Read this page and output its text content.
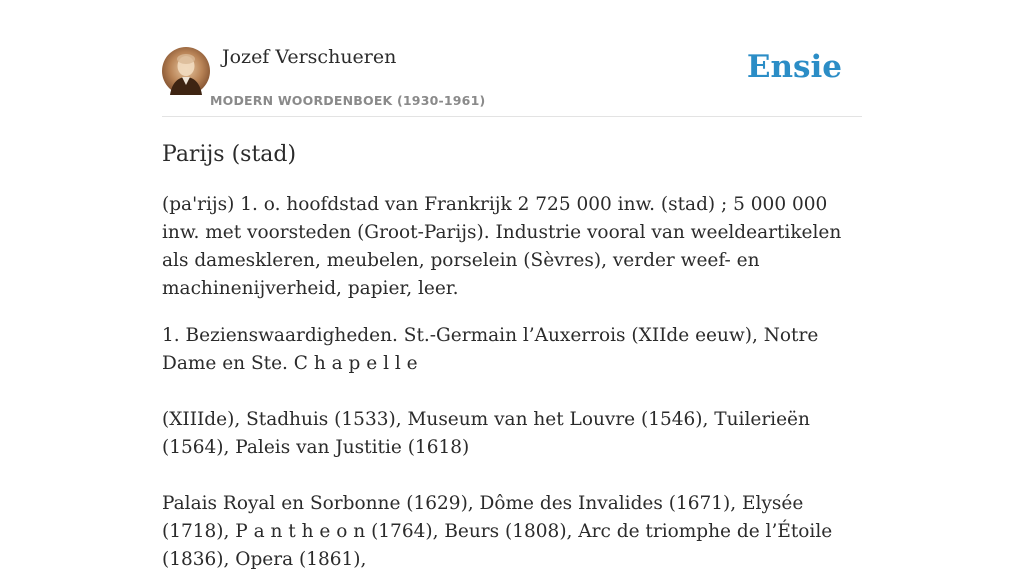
Jozef Verschueren
MODERN WOORDENBOEK (1930-1961)
Ensie
Parijs (stad)

(pa'rijs) 1. o. hoofdstad van Frankrijk 2 725 000 inw. (stad) ; 5 000 000 inw. met voorsteden (Groot-Parijs). Industrie vooral van weeldeartikelen als dameskleren, meubelen, porselein (Sèvres), verder weef- en machinenijverheid, papier, leer.

1. Bezienswaardigheden. St.-Germain l’Auxerrois (XIIde eeuw), Notre Dame en Ste. C h a p e l l e
(XIIIde), Stadhuis (1533), Museum van het Louvre (1546), Tuilerieën (1564), Paleis van Justitie (1618)
Palais Royal en Sorbonne (1629), Dôme des Invalides (1671), Elysée (1718), P a n t h e o n (1764), Beurs (1808), Arc de triomphe de l’Étoile (1836), Opera (1861),
